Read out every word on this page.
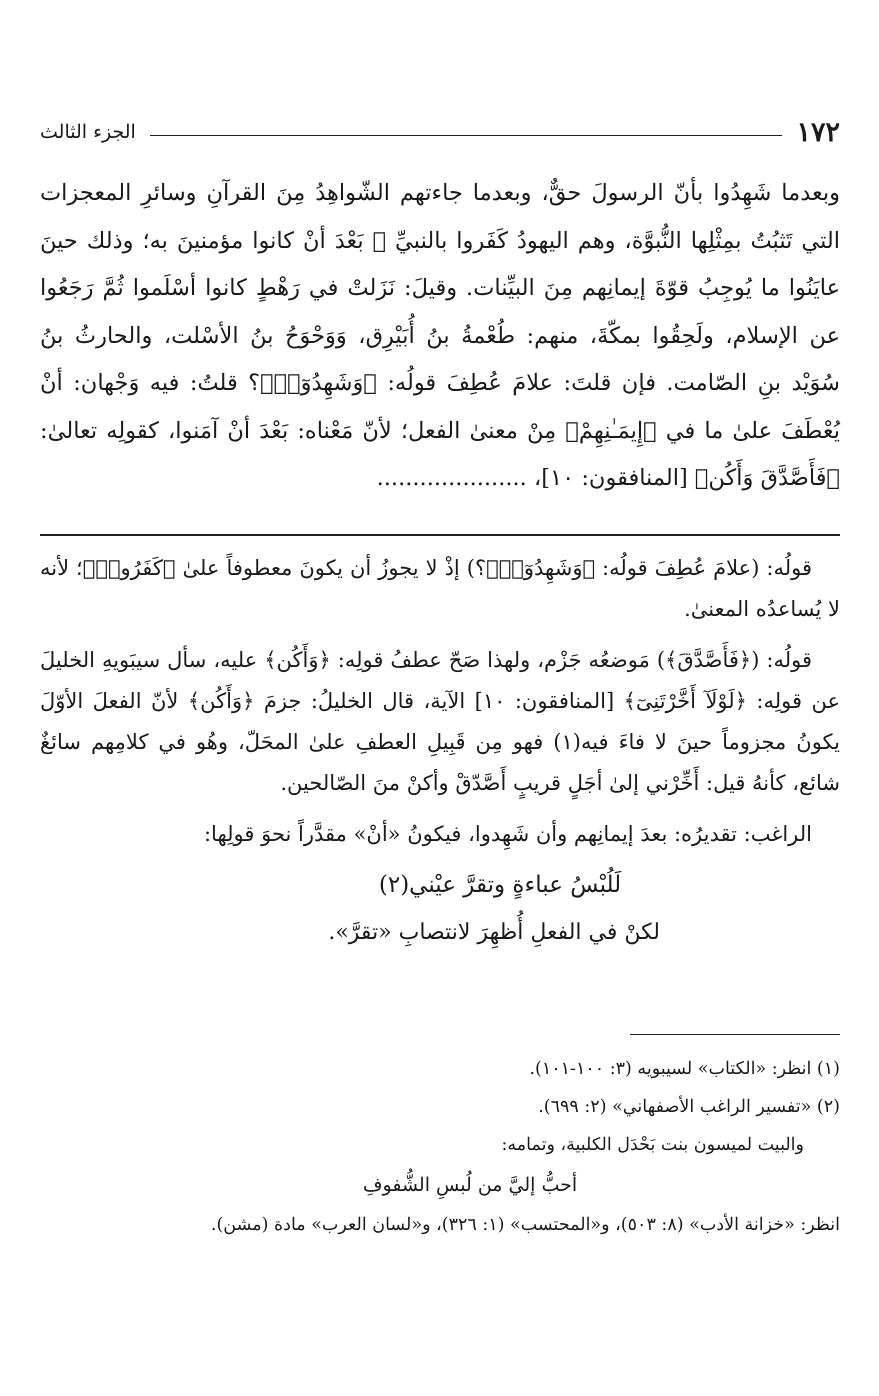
١٧٢
الجزء الثالث

وبعدما شَهِدُوا بأنّ الرسولَ حقٌّ، وبعدما جاءتهم الشّواهِدُ مِنَ القرآنِ وسائرِ المعجزات التي تَثبُتُ بمِثْلِها النُّبوَّة، وهم اليهودُ كَفَروا بالنبيِّ ﷺ بَعْدَ أنْ كانوا مؤمنينَ به؛ وذلك حينَ عايَنُوا ما يُوجِبُ قوّةَ إيمانِهم مِنَ البيِّنات. وقيلَ: نَزَلتْ في رَهْطٍ كانوا أسْلَموا ثُمَّ رَجَعُوا عن الإسلام، ولَحِقُوا بمكّةَ، منهم: طُعْمةُ بنُ أُبَيْرِق، وَوَحْوَحُ بنُ الأسْلت، والحارثُ بنُ سُوَيْد بنِ الصّامت. فإن قلتَ: علامَ عُطِفَ قولُه: ﴿وَشَهِدُوٓا۟﴾؟ قلتُ: فيه وَجْهان: أنْ يُعْطَفَ علىٰ ما في ﴿إِيمَـٰنِهِمْ﴾ مِنْ معنىٰ الفعل؛ لأنّ مَعْناه: بَعْدَ أنْ آمَنوا، كقولِه تعالىٰ: ﴿فَأَصَّدَّقَ وَأَكُن﴾ [المنافقون: ١٠]، .....................

قولُه: (علامَ عُطِفَ قولُه: ﴿وَشَهِدُوٓا۟﴾؟) إذْ لا يجوزُ أن يكونَ معطوفاً علىٰ ﴿كَفَرُوا۟﴾؛ لأنه لا يُساعدُه المعنىٰ.

قولُه: (﴿فَأَصَّدَّقَ﴾) مَوضعُه جَزْم، ولهذا صَحّ عطفُ قولِه: ﴿وَأَكُن﴾ عليه، سأل سيبَويهِ الخليلَ عن قولِه: ﴿لَوْلَآ أَخَّرْتَنِىٓ﴾ [المنافقون: ١٠] الآية، قال الخليلُ: جزمَ ﴿وَأَكُن﴾ لأنّ الفعلَ الأوّلَ يكونُ مجزوماً حينَ لا فاءَ فيه(١) فهو مِن قَبِيلِ العطفِ علىٰ المحَلّ، وهُو في كلامِهم سائغٌ شائع، كأنهُ قيل: أَخِّرْني إلىٰ أجَلٍ قريبٍ أَصَّدّقْ وأكنْ منَ الصّالحين.

الراغب: تقديرُه: بعدَ إيمانِهم وأن شَهِدوا، فيكونُ «أنْ» مقدَّراً نحوَ قولِها:

لَلُبْسُ عباءةٍ وتقرَّ عيْني(٢)

لكنْ في الفعلِ أُظهِرَ لانتصابِ «تقرَّ».

(١) انظر: «الكتاب» لسيبويه (٣: ١٠٠-١٠١).

(٢) «تفسير الراغب الأصفهاني» (٢: ٦٩٩).

والبيت لميسون بنت بَحْدَل الكلبية، وتمامه:

أحبُّ إليَّ من لُبسِ الشُّفوفِ

انظر: «خزانة الأدب» (٨: ٥٠٣)، و«المحتسب» (١: ٣٢٦)، و«لسان العرب» مادة (مشن).
